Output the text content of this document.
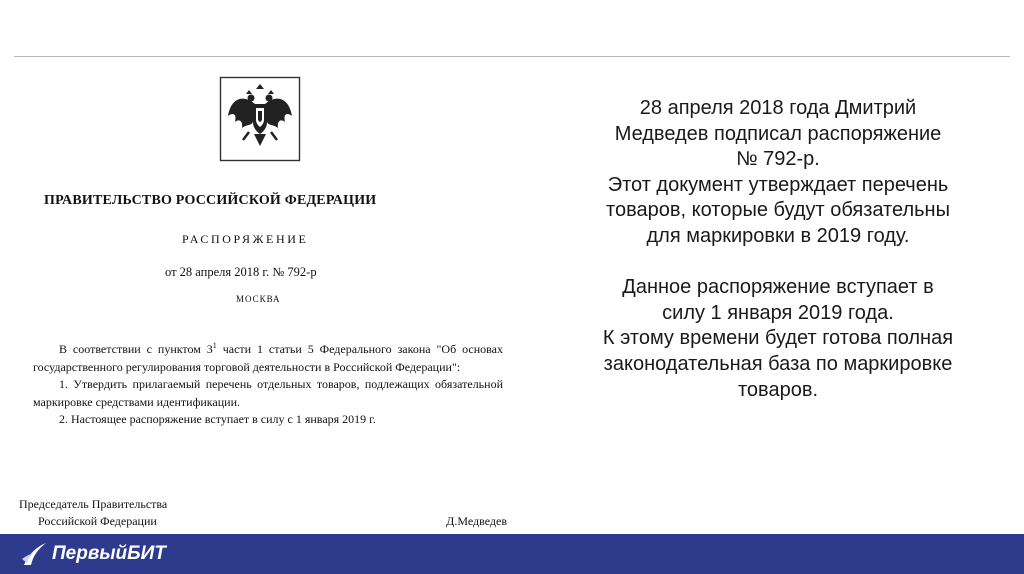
ПРАВИТЕЛЬСТВО РОССИЙСКОЙ ФЕДЕРАЦИИ
РАСПОРЯЖЕНИЕ
от 28 апреля 2018 г. № 792-р
МОСКВА

В соответствии с пунктом $3^1$ части 1 статьи 5 Федерального закона "Об основах государственного регулирования торговой деятельности в Российской Федерации":

1. Утвердить прилагаемый перечень отдельных товаров, подлежащих обязательной маркировке средствами идентификации.

2. Настоящее распоряжение вступает в силу с 1 января 2019 г.

Председатель Правительства
Российской Федерации	Д.Медведев

28 апреля 2018 года Дмитрий

Медведев подписал распоряжение

№ 792-р.

Этот документ утверждает перечень

товаров, которые будут обязательны

для маркировки в 2019 году.

Данное распоряжение вступает в

силу 1 января 2019 года.

К этому времени будет готова полная

законодательная база по маркировке

товаров.

ПервыйБИТ
